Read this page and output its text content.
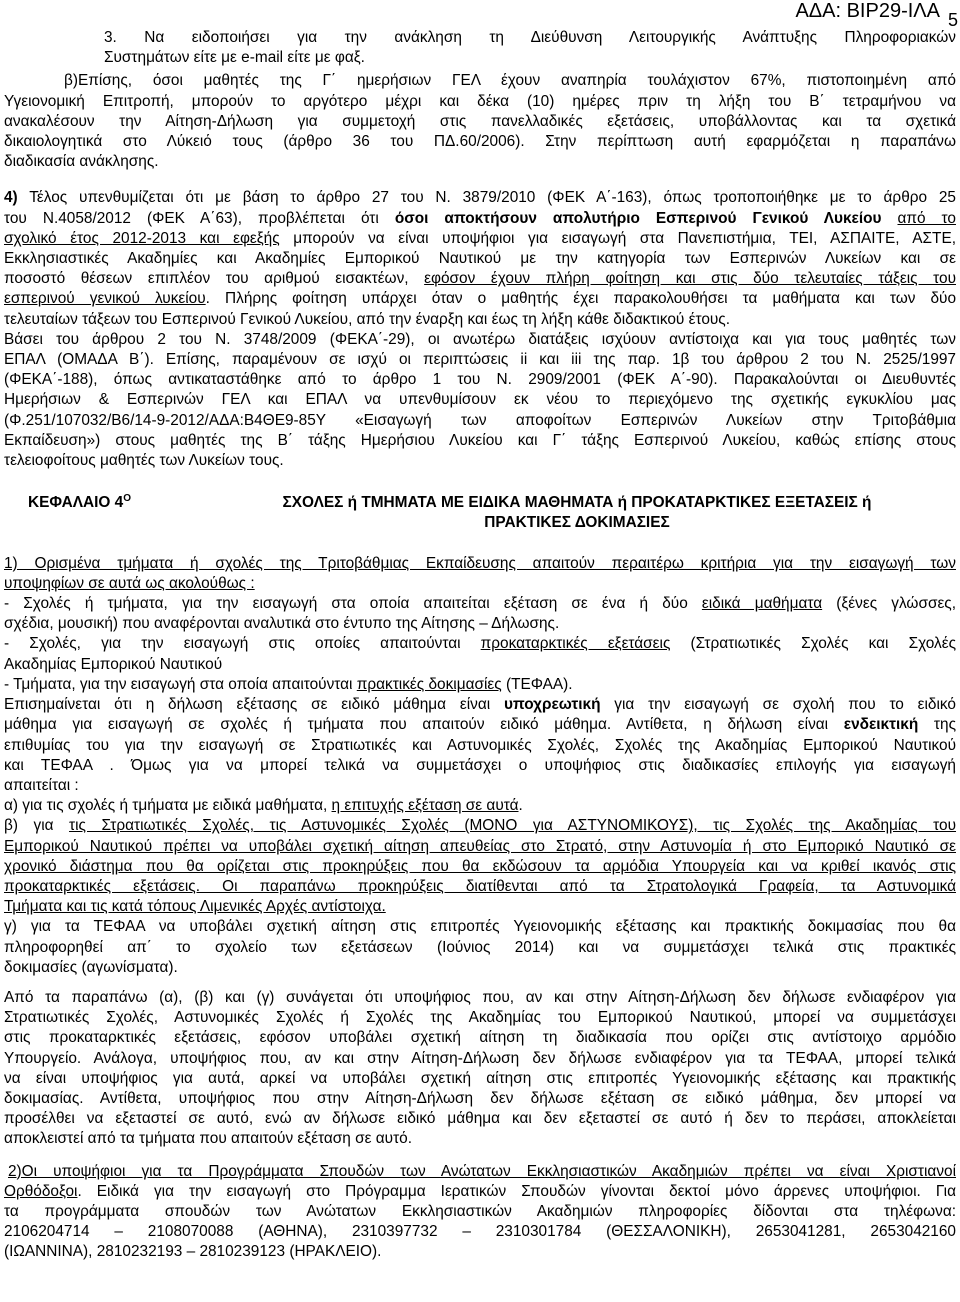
ΑΔΑ: ΒΙΡ29-ΙΛΑ 5

3. Να ειδοποιήσει για την ανάκληση τη Διεύθυνση Λειτουργικής Ανάπτυξης Πληροφοριακών
Συστημάτων είτε με e-mail είτε με φαξ.

β)Επίσης, όσοι μαθητές της Γ΄ ημερήσιων ΓΕΛ έχουν αναπηρία τουλάχιστον 67%, πιστοποιημένη από
Υγειονομική Επιτροπή, μπορούν το αργότερο μέχρι και δέκα (10) ημέρες πριν τη λήξη του Β΄ τετραμήνου να
ανακαλέσουν την Αίτηση-Δήλωση για συμμετοχή στις πανελλαδικές εξετάσεις, υποβάλλοντας και τα σχετικά
δικαιολογητικά στο Λύκειό τους (άρθρο 36 του ΠΔ.60/2006). Στην περίπτωση αυτή εφαρμόζεται η παραπάνω
διαδικασία ανάκλησης.

4) Τέλος υπενθυμίζεται ότι με βάση το άρθρο 27 του Ν. 3879/2010 (ΦΕΚ Α΄-163), όπως τροποποιήθηκε με το άρθρο 25
του Ν.4058/2012 (ΦΕΚ Α΄63), προβλέπεται ότι όσοι αποκτήσουν απολυτήριο Εσπερινού Γενικού Λυκείου από το
σχολικό έτος 2012-2013 και εφεξής μπορούν να είναι υποψήφιοι για εισαγωγή στα Πανεπιστήμια, ΤΕΙ, ΑΣΠΑΙΤΕ, ΑΣΤΕ,
Εκκλησιαστικές Ακαδημίες και Ακαδημίες Εμπορικού Ναυτικού με την κατηγορία των Εσπερινών Λυκείων και σε
ποσοστό θέσεων επιπλέον του αριθμού εισακτέων, εφόσον έχουν πλήρη φοίτηση και στις δύο τελευταίες τάξεις του
εσπερινού γενικού λυκείου. Πλήρης φοίτηση υπάρχει όταν ο μαθητής έχει παρακολουθήσει τα μαθήματα και των δύο
τελευταίων τάξεων του Εσπερινού Γενικού Λυκείου, από την έναρξη και έως τη λήξη κάθε διδακτικού έτους.
Βάσει του άρθρου 2 του Ν. 3748/2009 (ΦΕΚΑ΄-29), οι ανωτέρω διατάξεις ισχύουν αντίστοιχα και για τους μαθητές των
ΕΠΑΛ (ΟΜΑΔΑ Β΄). Επίσης, παραμένουν σε ισχύ οι περιπτώσεις ii και iii της παρ. 1β του άρθρου 2 του Ν. 2525/1997
(ΦΕΚΑ΄-188), όπως αντικαταστάθηκε από το άρθρο 1 του Ν. 2909/2001 (ΦΕΚ Α΄-90). Παρακαλούνται οι Διευθυντές
Ημερήσιων & Εσπερινών ΓΕΛ και ΕΠΑΛ να υπενθυμίσουν εκ νέου το περιεχόμενο της σχετικής εγκυκλίου μας
(Φ.251/107032/Β6/14-9-2012/ΑΔΑ:Β4ΘΕ9-85Υ «Εισαγωγή των αποφοίτων Εσπερινών Λυκείων στην Τριτοβάθμια
Εκπαίδευση») στους μαθητές της Β΄ τάξης Ημερήσιου Λυκείου και Γ΄ τάξης Εσπερινού Λυκείου, καθώς επίσης στους
τελειοφοίτους μαθητές των Λυκείων τους.

ΚΕΦΑΛΑΙΟ $4^O$	ΣΧΟΛΕΣ ή ΤΜΗΜΑΤΑ ΜΕ ΕΙΔΙΚΑ ΜΑΘΗΜΑΤΑ ή ΠΡΟΚΑΤΑΡΚΤΙΚΕΣ ΕΞΕΤΑΣΕΙΣ ή
ΠΡΑΚΤΙΚΕΣ ΔΟΚΙΜΑΣΙΕΣ

1) Ορισμένα τμήματα ή σχολές της Τριτοβάθμιας Εκπαίδευσης απαιτούν περαιτέρω κριτήρια για την εισαγωγή των
υποψηφίων σε αυτά ως ακολούθως :
- Σχολές ή τμήματα, για την εισαγωγή στα οποία απαιτείται εξέταση σε ένα ή δύο ειδικά μαθήματα (ξένες γλώσσες,
σχέδια, μουσική) που αναφέρονται αναλυτικά στο έντυπο της Αίτησης – Δήλωσης.
- Σχολές, για την εισαγωγή στις οποίες απαιτούνται προκαταρκτικές εξετάσεις (Στρατιωτικές Σχολές και Σχολές
Ακαδημίας Εμπορικού Ναυτικού
- Τμήματα, για την εισαγωγή στα οποία απαιτούνται πρακτικές δοκιμασίες (ΤΕΦΑΑ).
Επισημαίνεται ότι η δήλωση εξέτασης σε ειδικό μάθημα είναι υποχρεωτική για την εισαγωγή σε σχολή που το ειδικό
μάθημα για εισαγωγή σε σχολές ή τμήματα που απαιτούν ειδικό μάθημα. Αντίθετα, η δήλωση είναι ενδεικτική της
επιθυμίας του για την εισαγωγή σε Στρατιωτικές και Αστυνομικές Σχολές, Σχολές της Ακαδημίας Εμπορικού Ναυτικού
και ΤΕΦΑΑ . Όμως για να μπορεί τελικά να συμμετάσχει ο υποψήφιος στις διαδικασίες επιλογής για εισαγωγή
απαιτείται :
α) για τις σχολές ή τμήματα με ειδικά μαθήματα, η επιτυχής εξέταση σε αυτά.
β) για τις Στρατιωτικές Σχολές, τις Αστυνομικές Σχολές (ΜΟΝΟ για ΑΣΤΥΝΟΜΙΚΟΥΣ), τις Σχολές της Ακαδημίας του
Εμπορικού Ναυτικού πρέπει να υποβάλει σχετική αίτηση απευθείας στο Στρατό, στην Αστυνομία ή στο Εμπορικό Ναυτικό σε
χρονικό διάστημα που θα ορίζεται στις προκηρύξεις που θα εκδώσουν τα αρμόδια Υπουργεία και να κριθεί ικανός στις
προκαταρκτικές εξετάσεις. Οι παραπάνω προκηρύξεις διατίθενται από τα Στρατολογικά Γραφεία, τα Αστυνομικά
Τμήματα και τις κατά τόπους Λιμενικές Αρχές αντίστοιχα.
γ) για τα ΤΕΦΑΑ να υποβάλει σχετική αίτηση στις επιτροπές Υγειονομικής εξέτασης και πρακτικής δοκιμασίας που θα
πληροφορηθεί απ΄ το σχολείο των εξετάσεων (Ιούνιος 2014) και να συμμετάσχει τελικά στις πρακτικές
δοκιμασίες (αγωνίσματα).

Από τα παραπάνω (α), (β) και (γ) συνάγεται ότι υποψήφιος που, αν και στην Αίτηση-Δήλωση δεν δήλωσε ενδιαφέρον για
Στρατιωτικές Σχολές, Αστυνομικές Σχολές ή Σχολές της Ακαδημίας του Εμπορικού Ναυτικού, μπορεί να συμμετάσχει
στις προκαταρκτικές εξετάσεις, εφόσον υποβάλει σχετική αίτηση τη διαδικασία που ορίζει στις αντίστοιχο αρμόδιο
Υπουργείο. Ανάλογα, υποψήφιος που, αν και στην Αίτηση-Δήλωση δεν δήλωσε ενδιαφέρον για τα ΤΕΦΑΑ, μπορεί τελικά
να είναι υποψήφιος για αυτά, αρκεί να υποβάλει σχετική αίτηση στις επιτροπές Υγειονομικής εξέτασης και πρακτικής
δοκιμασίας. Αντίθετα, υποψήφιος που στην Αίτηση-Δήλωση δεν δήλωσε εξέταση σε ειδικό μάθημα, δεν μπορεί να
προσέλθει να εξεταστεί σε αυτό, ενώ αν δήλωσε ειδικό μάθημα και δεν εξεταστεί σε αυτό ή δεν το περάσει, αποκλείεται
αποκλειστεί από τα τμήματα που απαιτούν εξέταση σε αυτό.

2)Οι υποψήφιοι για τα Προγράμματα Σπουδών των Ανώτατων Εκκλησιαστικών Ακαδημιών πρέπει να είναι Χριστιανοί
Ορθόδοξοι. Ειδικά για την εισαγωγή στο Πρόγραμμα Ιερατικών Σπουδών γίνονται δεκτοί μόνο άρρενες υποψήφιοι. Για
τα προγράμματα σπουδών των Ανώτατων Εκκλησιαστικών Ακαδημιών πληροφορίες δίδονται στα τηλέφωνα:
2106204714 – 2108070088 (ΑΘΗΝΑ), 2310397732 – 2310301784 (ΘΕΣΣΑΛΟΝΙΚΗ), 2653041281, 2653042160
(ΙΩΑΝΝΙΝΑ), 2810232193 – 2810239123 (ΗΡΑΚΛΕΙΟ).
